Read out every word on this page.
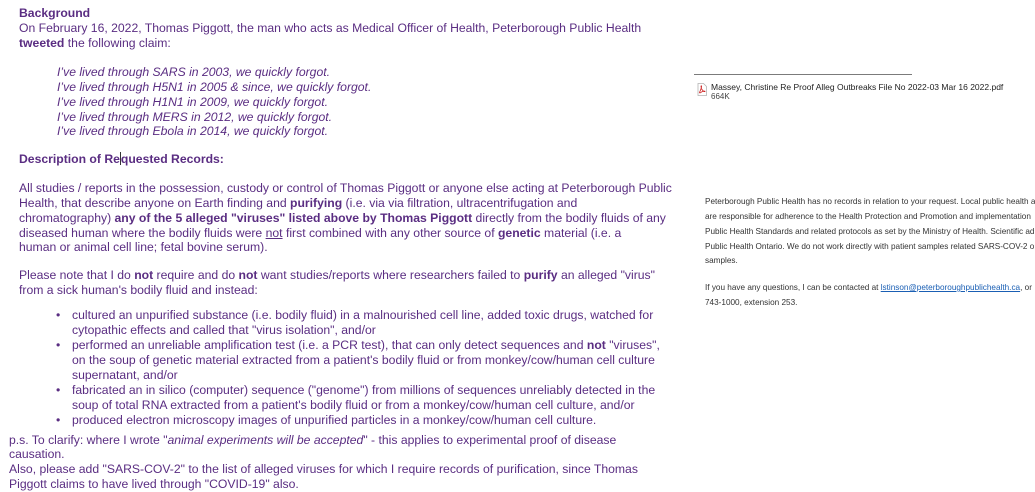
Background
On February 16, 2022, Thomas Piggott, the man who acts as Medical Officer of Health, Peterborough Public Health
tweeted the following claim:
I’ve lived through SARS in 2003, we quickly forgot.
I’ve lived through H5N1 in 2005 & since, we quickly forgot.
I’ve lived through H1N1 in 2009, we quickly forgot.
I’ve lived through MERS in 2012, we quickly forgot.
I’ve lived through Ebola in 2014, we quickly forgot.
Description of Requested Records:
All studies / reports in the possession, custody or control of Thomas Piggott or anyone else acting at Peterborough Public
Health, that describe anyone on Earth finding and purifying (i.e. via via filtration, ultracentrifugation and
chromatography) any of the 5 alleged "viruses" listed above by Thomas Piggott directly from the bodily fluids of any
diseased human where the bodily fluids were not first combined with any other source of genetic material (i.e. a
human or animal cell line; fetal bovine serum).
Please note that I do not require and do not want studies/reports where researchers failed to purify an alleged "virus"
from a sick human's bodily fluid and instead:
• cultured an unpurified substance (i.e. bodily fluid) in a malnourished cell line, added toxic drugs, watched for
cytopathic effects and called that "virus isolation", and/or
• performed an unreliable amplification test (i.e. a PCR test), that can only detect sequences and not "viruses",
on the soup of genetic material extracted from a patient's bodily fluid or from monkey/cow/human cell culture
supernatant, and/or
• fabricated an in silico (computer) sequence ("genome") from millions of sequences unreliably detected in the
soup of total RNA extracted from a patient's bodily fluid or from a monkey/cow/human cell culture, and/or
• produced electron microscopy images of unpurified particles in a monkey/cow/human cell culture.
p.s. To clarify: where I wrote "animal experiments will be accepted" - this applies to experimental proof of disease
causation.
Also, please add "SARS-COV-2" to the list of alleged viruses for which I require records of purification, since Thomas
Piggott claims to have lived through "COVID-19" also.
Massey, Christine Re Proof Alleg Outbreaks File No 2022-03 Mar 16 2022.pdf
664K
Peterborough Public Health has no records in relation to your request. Local public health a
are responsible for adherence to the Health Protection and Promotion and implementation
Public Health Standards and related protocols as set by the Ministry of Health. Scientific ad
Public Health Ontario. We do not work directly with patient samples related SARS-COV-2 o
samples.
If you have any questions, I can be contacted at lstinson@peterboroughpublichealth.ca, or
743-1000, extension 253.
